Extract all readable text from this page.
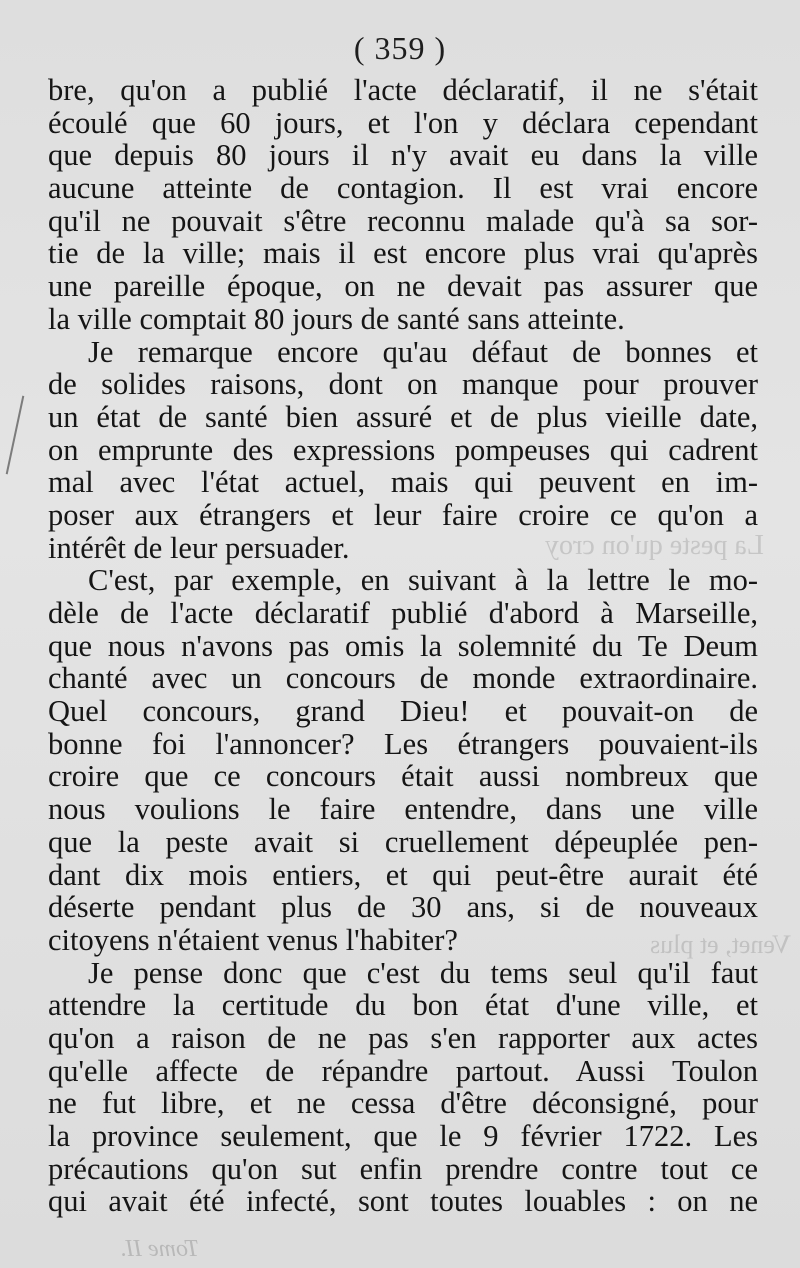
La peste qu'on croy
Venet, et plus
Tome II.
( 359 )
bre, qu'on a publié l'acte déclaratif, il ne s'était
écoulé que 60 jours, et l'on y déclara cependant
que depuis 80 jours il n'y avait eu dans la ville
aucune atteinte de contagion. Il est vrai encore
qu'il ne pouvait s'être reconnu malade qu'à sa sor-
tie de la ville; mais il est encore plus vrai qu'après
une pareille époque, on ne devait pas assurer que
la ville comptait 80 jours de santé sans atteinte.
Je remarque encore qu'au défaut de bonnes et
de solides raisons, dont on manque pour prouver
un état de santé bien assuré et de plus vieille date,
on emprunte des expressions pompeuses qui cadrent
mal avec l'état actuel, mais qui peuvent en im-
poser aux étrangers et leur faire croire ce qu'on a
intérêt de leur persuader.
C'est, par exemple, en suivant à la lettre le mo-
dèle de l'acte déclaratif publié d'abord à Marseille,
que nous n'avons pas omis la solemnité du Te Deum
chanté avec un concours de monde extraordinaire.
Quel concours, grand Dieu! et pouvait-on de
bonne foi l'annoncer? Les étrangers pouvaient-ils
croire que ce concours était aussi nombreux que
nous voulions le faire entendre, dans une ville
que la peste avait si cruellement dépeuplée pen-
dant dix mois entiers, et qui peut-être aurait été
déserte pendant plus de 30 ans, si de nouveaux
citoyens n'étaient venus l'habiter?
Je pense donc que c'est du tems seul qu'il faut
attendre la certitude du bon état d'une ville, et
qu'on a raison de ne pas s'en rapporter aux actes
qu'elle affecte de répandre partout. Aussi Toulon
ne fut libre, et ne cessa d'être déconsigné, pour
la province seulement, que le 9 février 1722. Les
précautions qu'on sut enfin prendre contre tout ce
qui avait été infecté, sont toutes louables : on ne
